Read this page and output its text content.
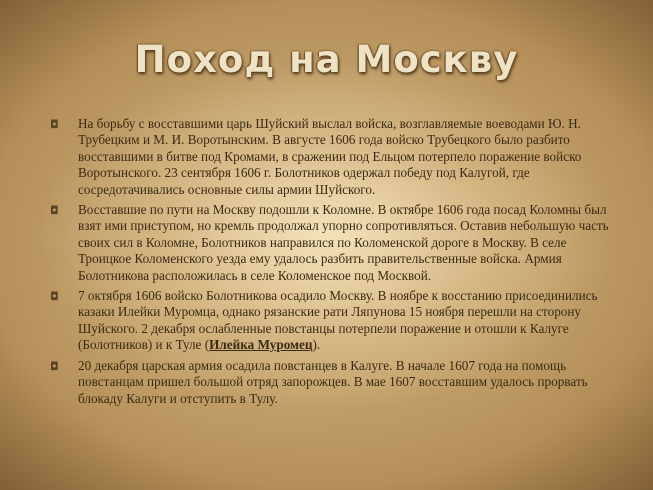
Поход на Москву
◘ На борьбу с восставшими царь Шуйский выслал войска, возглавляемые воеводами Ю. Н. Трубецким и М. И. Воротынским. В августе 1606 года войско Трубецкого было разбито восставшими в битве под Кромами, в сражении под Ельцом потерпело поражение войско Воротынского. 23 сентября 1606 г. Болотников одержал победу под Калугой, где сосредотачивались основные силы армии Шуйского.
◘ Восставшие по пути на Москву подошли к Коломне. В октябре 1606 года посад Коломны был взят ими приступом, но кремль продолжал упорно сопротивляться. Оставив небольшую часть своих сил в Коломне, Болотников направился по Коломенской дороге в Москву. В селе Троицкое Коломенского уезда ему удалось разбить правительственные войска. Армия Болотникова расположилась в селе Коломенское под Москвой.
◘ 7 октября 1606 войско Болотникова осадило Москву. В ноябре к восстанию присоединились казаки Илейки Муромца, однако рязанские рати Ляпунова 15 ноября перешли на сторону Шуйского. 2 декабря ослабленные повстанцы потерпели поражение и отошли к Калуге (Болотников) и к Туле (Илейка Муромец).
◘ 20 декабря царская армия осадила повстанцев в Калуге. В начале 1607 года на помощь повстанцам пришел большой отряд запорожцев. В мае 1607 восставшим удалось прорвать блокаду Калуги и отступить в Тулу.
